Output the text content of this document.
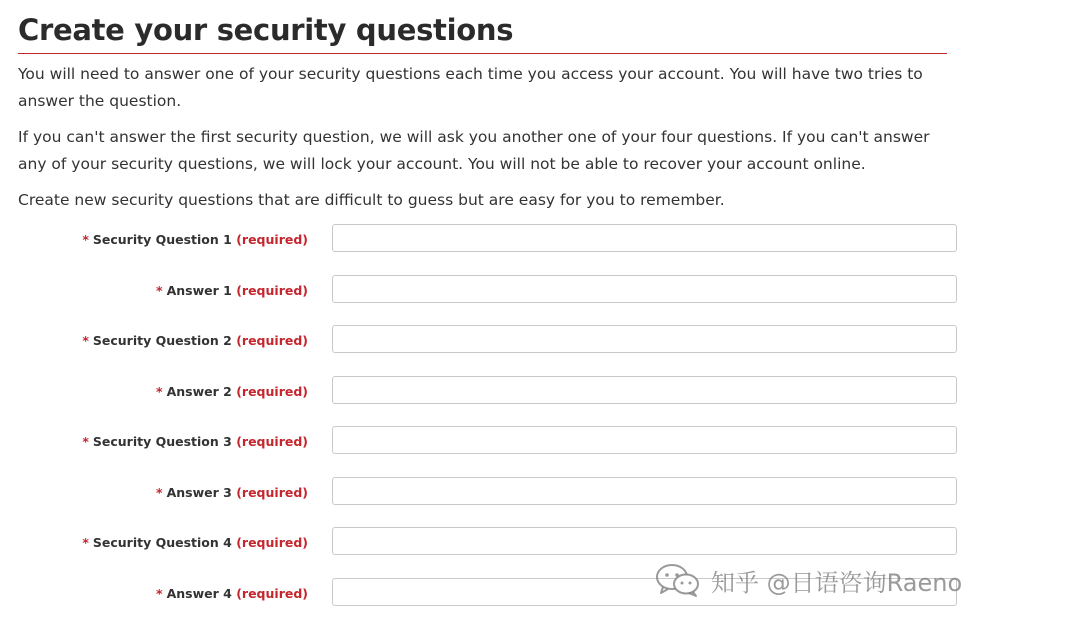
Create your security questions

You will need to answer one of your security questions each time you access your account. You will have two tries to answer the question.

If you can't answer the first security question, we will ask you another one of your four questions. If you can't answer any of your security questions, we will lock your account. You will not be able to recover your account online.

Create new security questions that are difficult to guess but are easy for you to remember.

* Security Question 1 (required)
* Answer 1 (required)
* Security Question 2 (required)
* Answer 2 (required)
* Security Question 3 (required)
* Answer 3 (required)
* Security Question 4 (required)
* Answer 4 (required)	知乎 @日语咨询Raeno
